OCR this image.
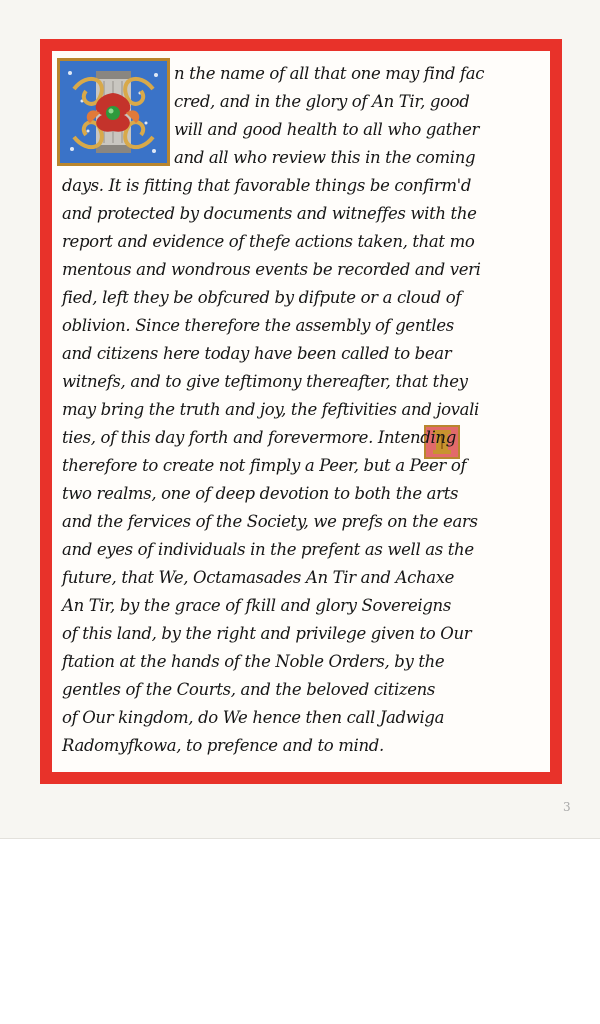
n the name of all that one may find fac

cred, and in the glory of An Tir, good

will and good health to all who gather

and all who review this in the coming

days. It is fitting that favorable things be confirm'd

and protected by documents and witneffes with the

report and evidence of thefe actions taken, that mo

mentous and wondrous events be recorded and veri

fied, left they be obfcured by difpute or a cloud of

oblivion. Since therefore the assembly of gentles

and citizens here today have been called to bear

witnefs, and to give teftimony thereafter, that they

may bring the truth and joy, the feftivities and jovali

ties, of this day forth and forevermore. Intending

therefore to create not fimply a Peer, but a Peer of

two realms, one of deep devotion to both the arts

and the fervices of the Society, we prefs on the ears

and eyes of individuals in the prefent as well as the

future, that We, Octamasades An Tir and Achaxe

An Tir, by the grace of fkill and glory Sovereigns

of this land, by the right and privilege given to Our

ftation at the hands of the Noble Orders, by the

gentles of the Courts, and the beloved citizens

of Our kingdom, do We hence then call Jadwiga

Radomyfkowa, to prefence and to mind.

3
